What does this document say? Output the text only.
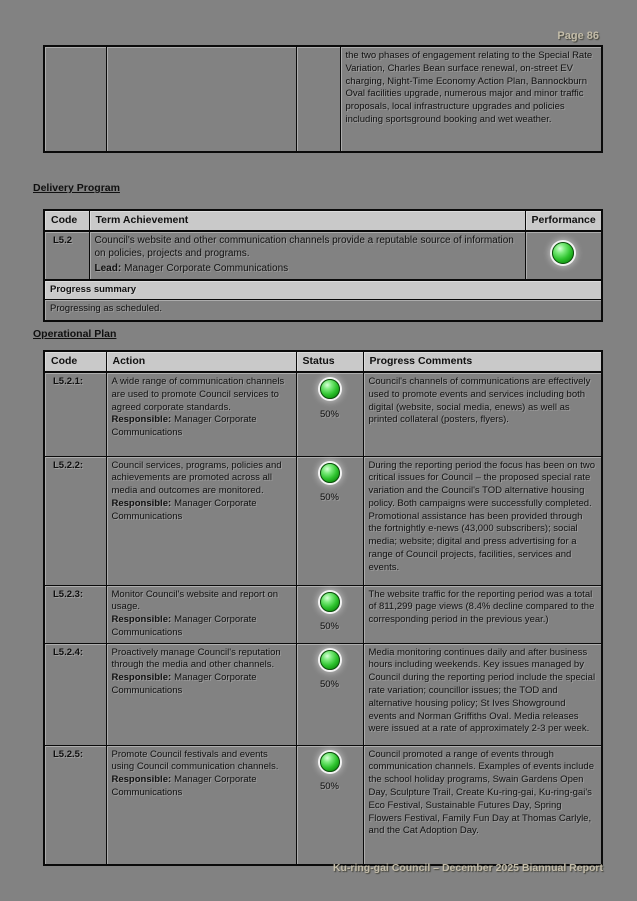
Page 86
			the two phases of engagement relating to the Special Rate Variation, Charles Bean surface renewal, on-street EV charging, Night-Time Economy Action Plan, Bannockburn Oval facilities upgrade, numerous major and minor traffic proposals, local infrastructure upgrades and policies including sportsground booking and wet weather.
Delivery Program
Code	Term Achievement	Performance
L5.2	Council's website and other communication channels provide a reputable source of information on policies, projects and programs.
Lead: Manager Corporate Communications	

Progress summary		
Progressing as scheduled.		
Operational Plan
Code	Action	Status	Progress Comments
L5.2.1:	A wide range of communication channels are used to promote Council services to agreed corporate standards.
Responsible: Manager Corporate Communications	50%	Council's channels of communications are effectively used to promote events and services including both digital (website, social media, enews) as well as printed collateral (posters, flyers).
L5.2.2:	Council services, programs, policies and achievements are promoted across all media and outcomes are monitored.
Responsible: Manager Corporate Communications	50%	During the reporting period the focus has been on two critical issues for Council – the proposed special rate variation and the Council's TOD alternative housing policy. Both campaigns were successfully completed. Promotional assistance has been provided through the fortnightly e-news (43,000 subscribers); social media; website; digital and press advertising for a range of Council projects, facilities, services and events.
L5.2.3:	Monitor Council's website and report on usage.
Responsible: Manager Corporate Communications	50%	The website traffic for the reporting period was a total of 811,299 page views (8.4% decline compared to the corresponding period in the previous year.)
L5.2.4:	Proactively manage Council's reputation through the media and other channels.
Responsible: Manager Corporate Communications	50%	Media monitoring continues daily and after business hours including weekends. Key issues managed by Council during the reporting period include the special rate variation; councillor issues; the TOD and alternative housing policy; St Ives Showground events and Norman Griffiths Oval. Media releases were issued at a rate of approximately 2-3 per week.
L5.2.5:	Promote Council festivals and events using Council communication channels.
Responsible: Manager Corporate Communications	50%	Council promoted a range of events through communication channels. Examples of events include the school holiday programs, Swain Gardens Open Day, Sculpture Trail, Create Ku-ring-gai, Ku-ring-gai's Eco Festival, Sustainable Futures Day, Spring Flowers Festival, Family Fun Day at Thomas Carlyle, and the Cat Adoption Day.
Ku-ring-gai Council – December 2025 Biannual Report
